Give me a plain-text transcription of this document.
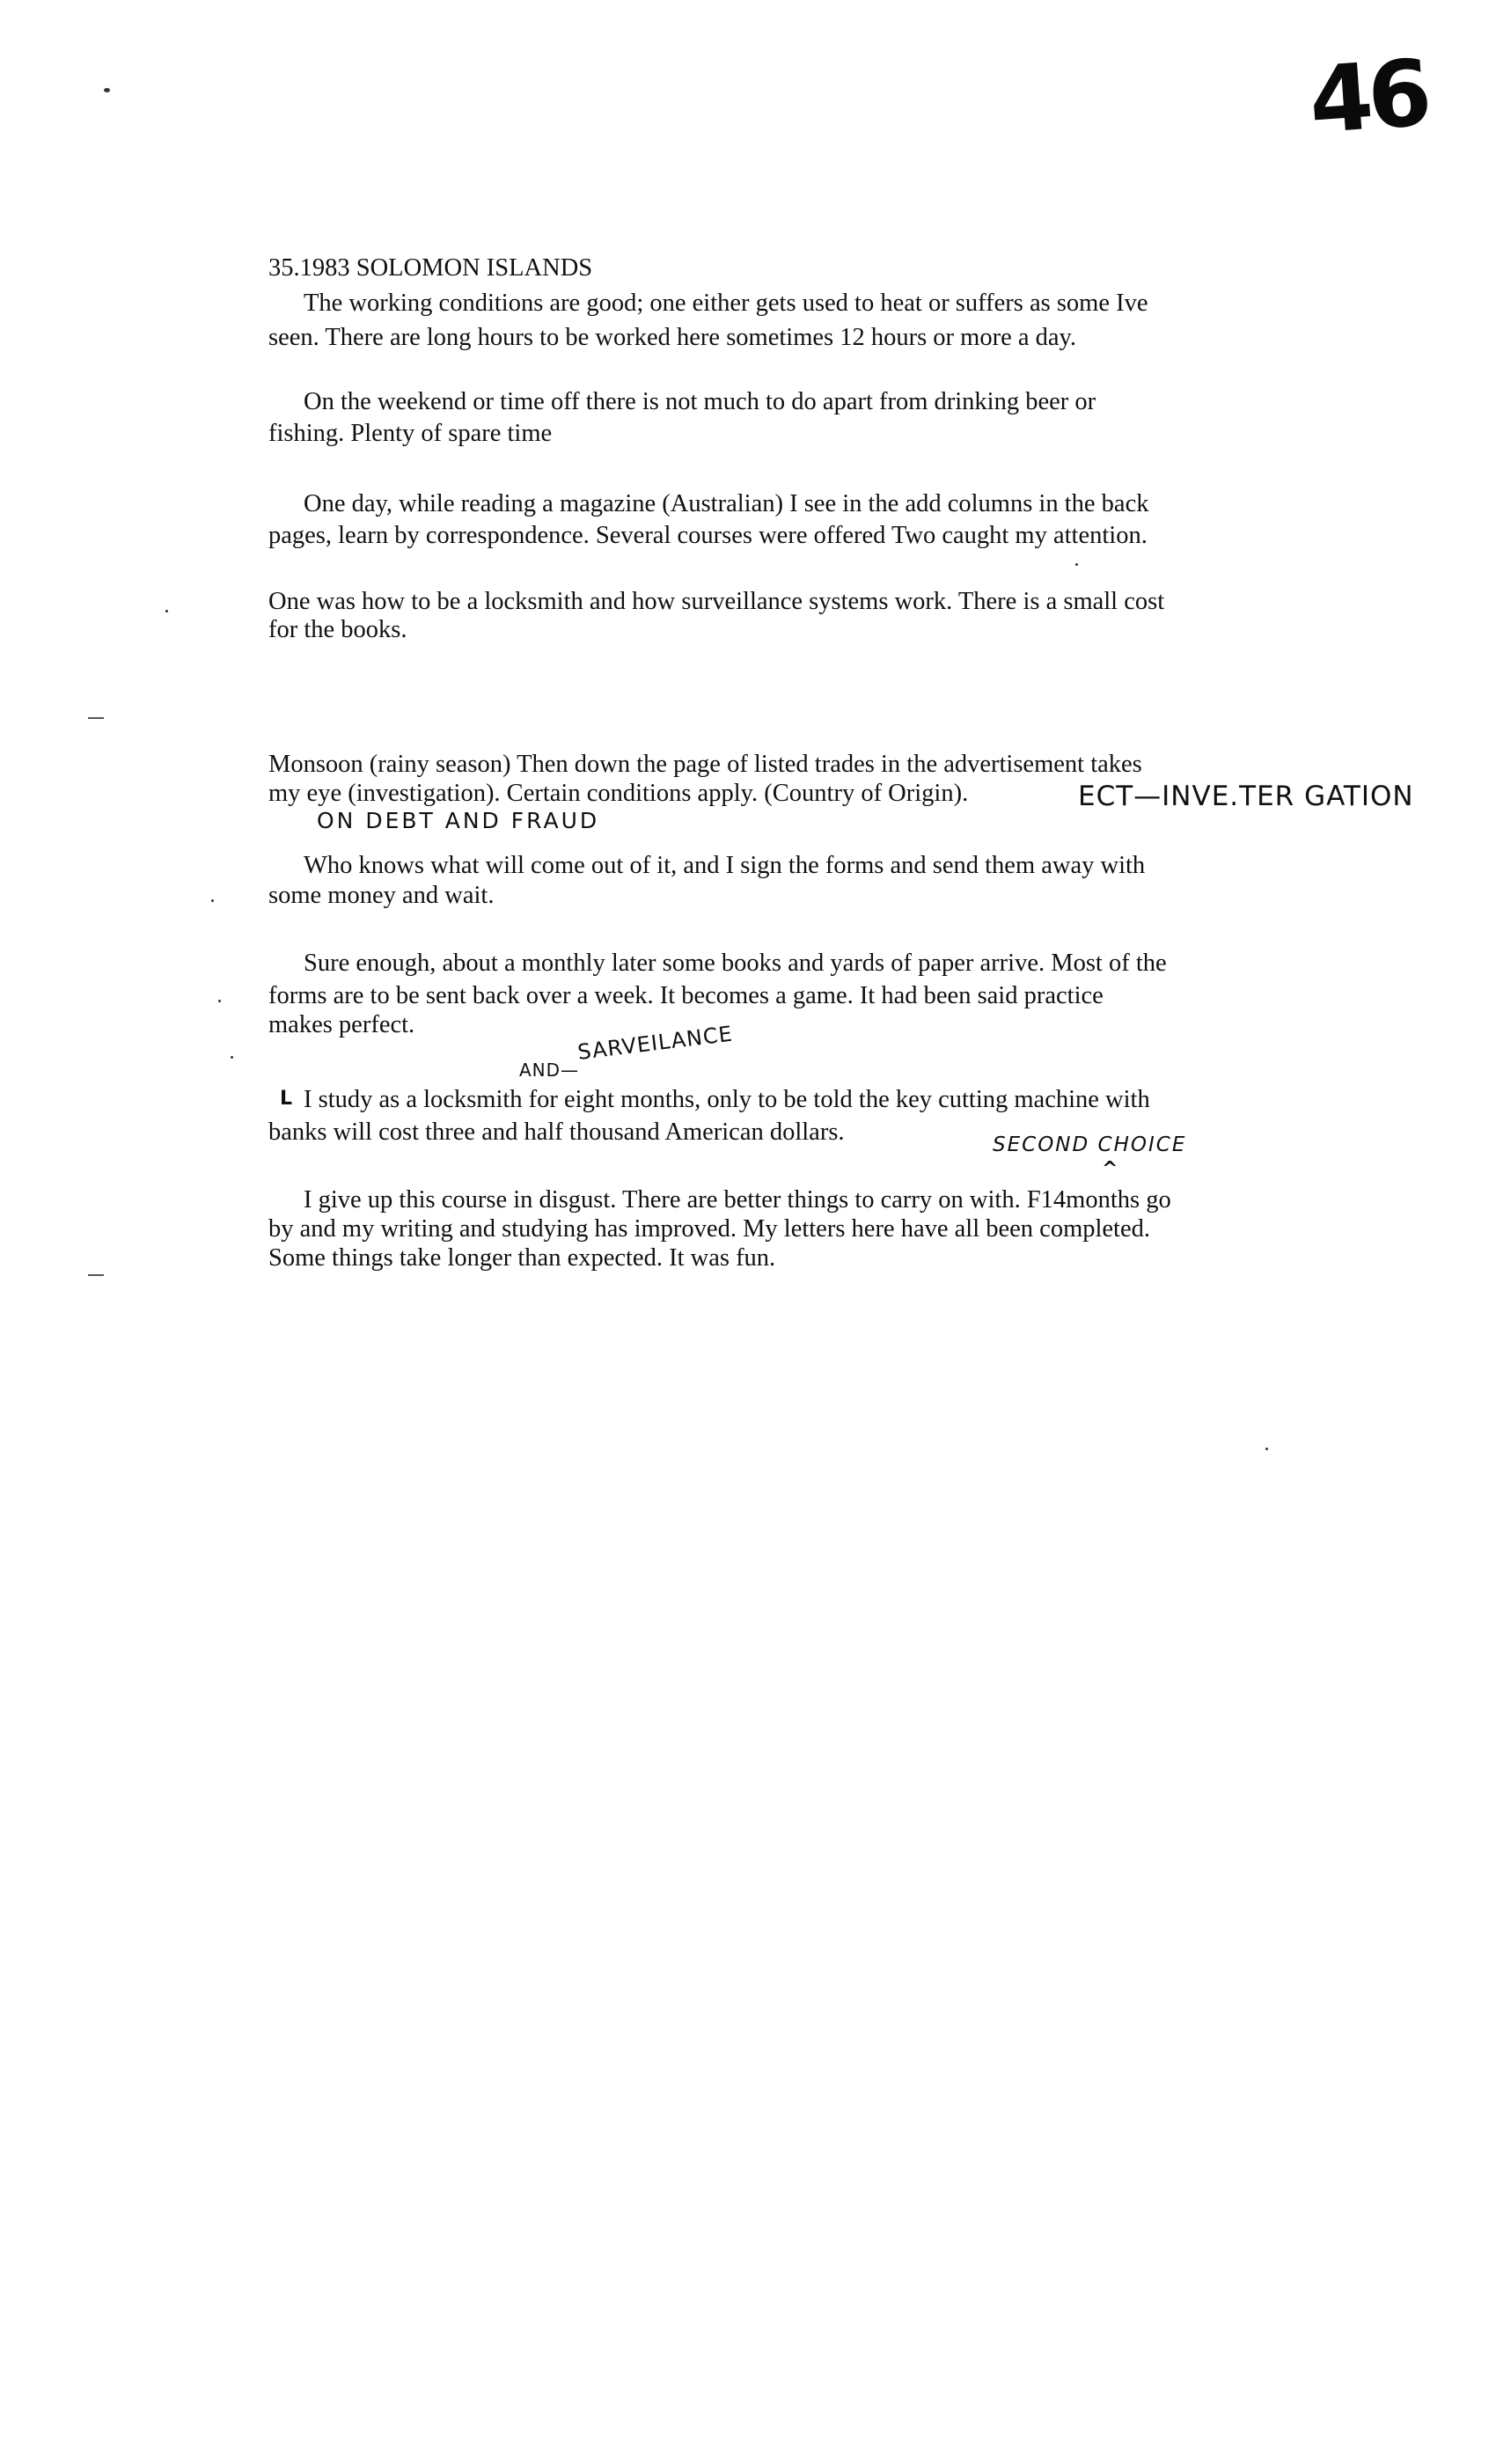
46
35.1983 SOLOMON ISLANDS
The working conditions are good; one either gets used to heat or suffers as some Ive
seen. There are long hours to be worked here sometimes 12 hours or more a day.
On the weekend or time off there is not much to do apart from drinking beer or
fishing. Plenty of spare time
One day, while reading a magazine (Australian) I see in the add columns in the back
pages, learn by correspondence. Several courses were offered Two caught my attention.
One was how to be a locksmith and how surveillance systems work. There is a small cost
for the books.
Monsoon (rainy season) Then down the page of listed trades in the advertisement takes
my eye (investigation). Certain conditions apply. (Country of Origin).	ECT—INVE.TER GATION
ON DEBT AND FRAUD
Who knows what will come out of it, and I sign the forms and send them away with
some money and wait.
Sure enough, about a monthly later some books and yards of paper arrive. Most of the
forms are to be sent back over a week. It becomes a game. It had been said practice
makes perfect.
AND—
SARVEILANCE
L I study as a locksmith for eight months, only to be told the key cutting machine with
banks will cost three and half thousand American dollars.	SECOND CHOICE
^
I give up this course in disgust. There are better things to carry on with. F14months go
by and my writing and studying has improved. My letters here have all been completed.
Some things take longer than expected. It was fun.
